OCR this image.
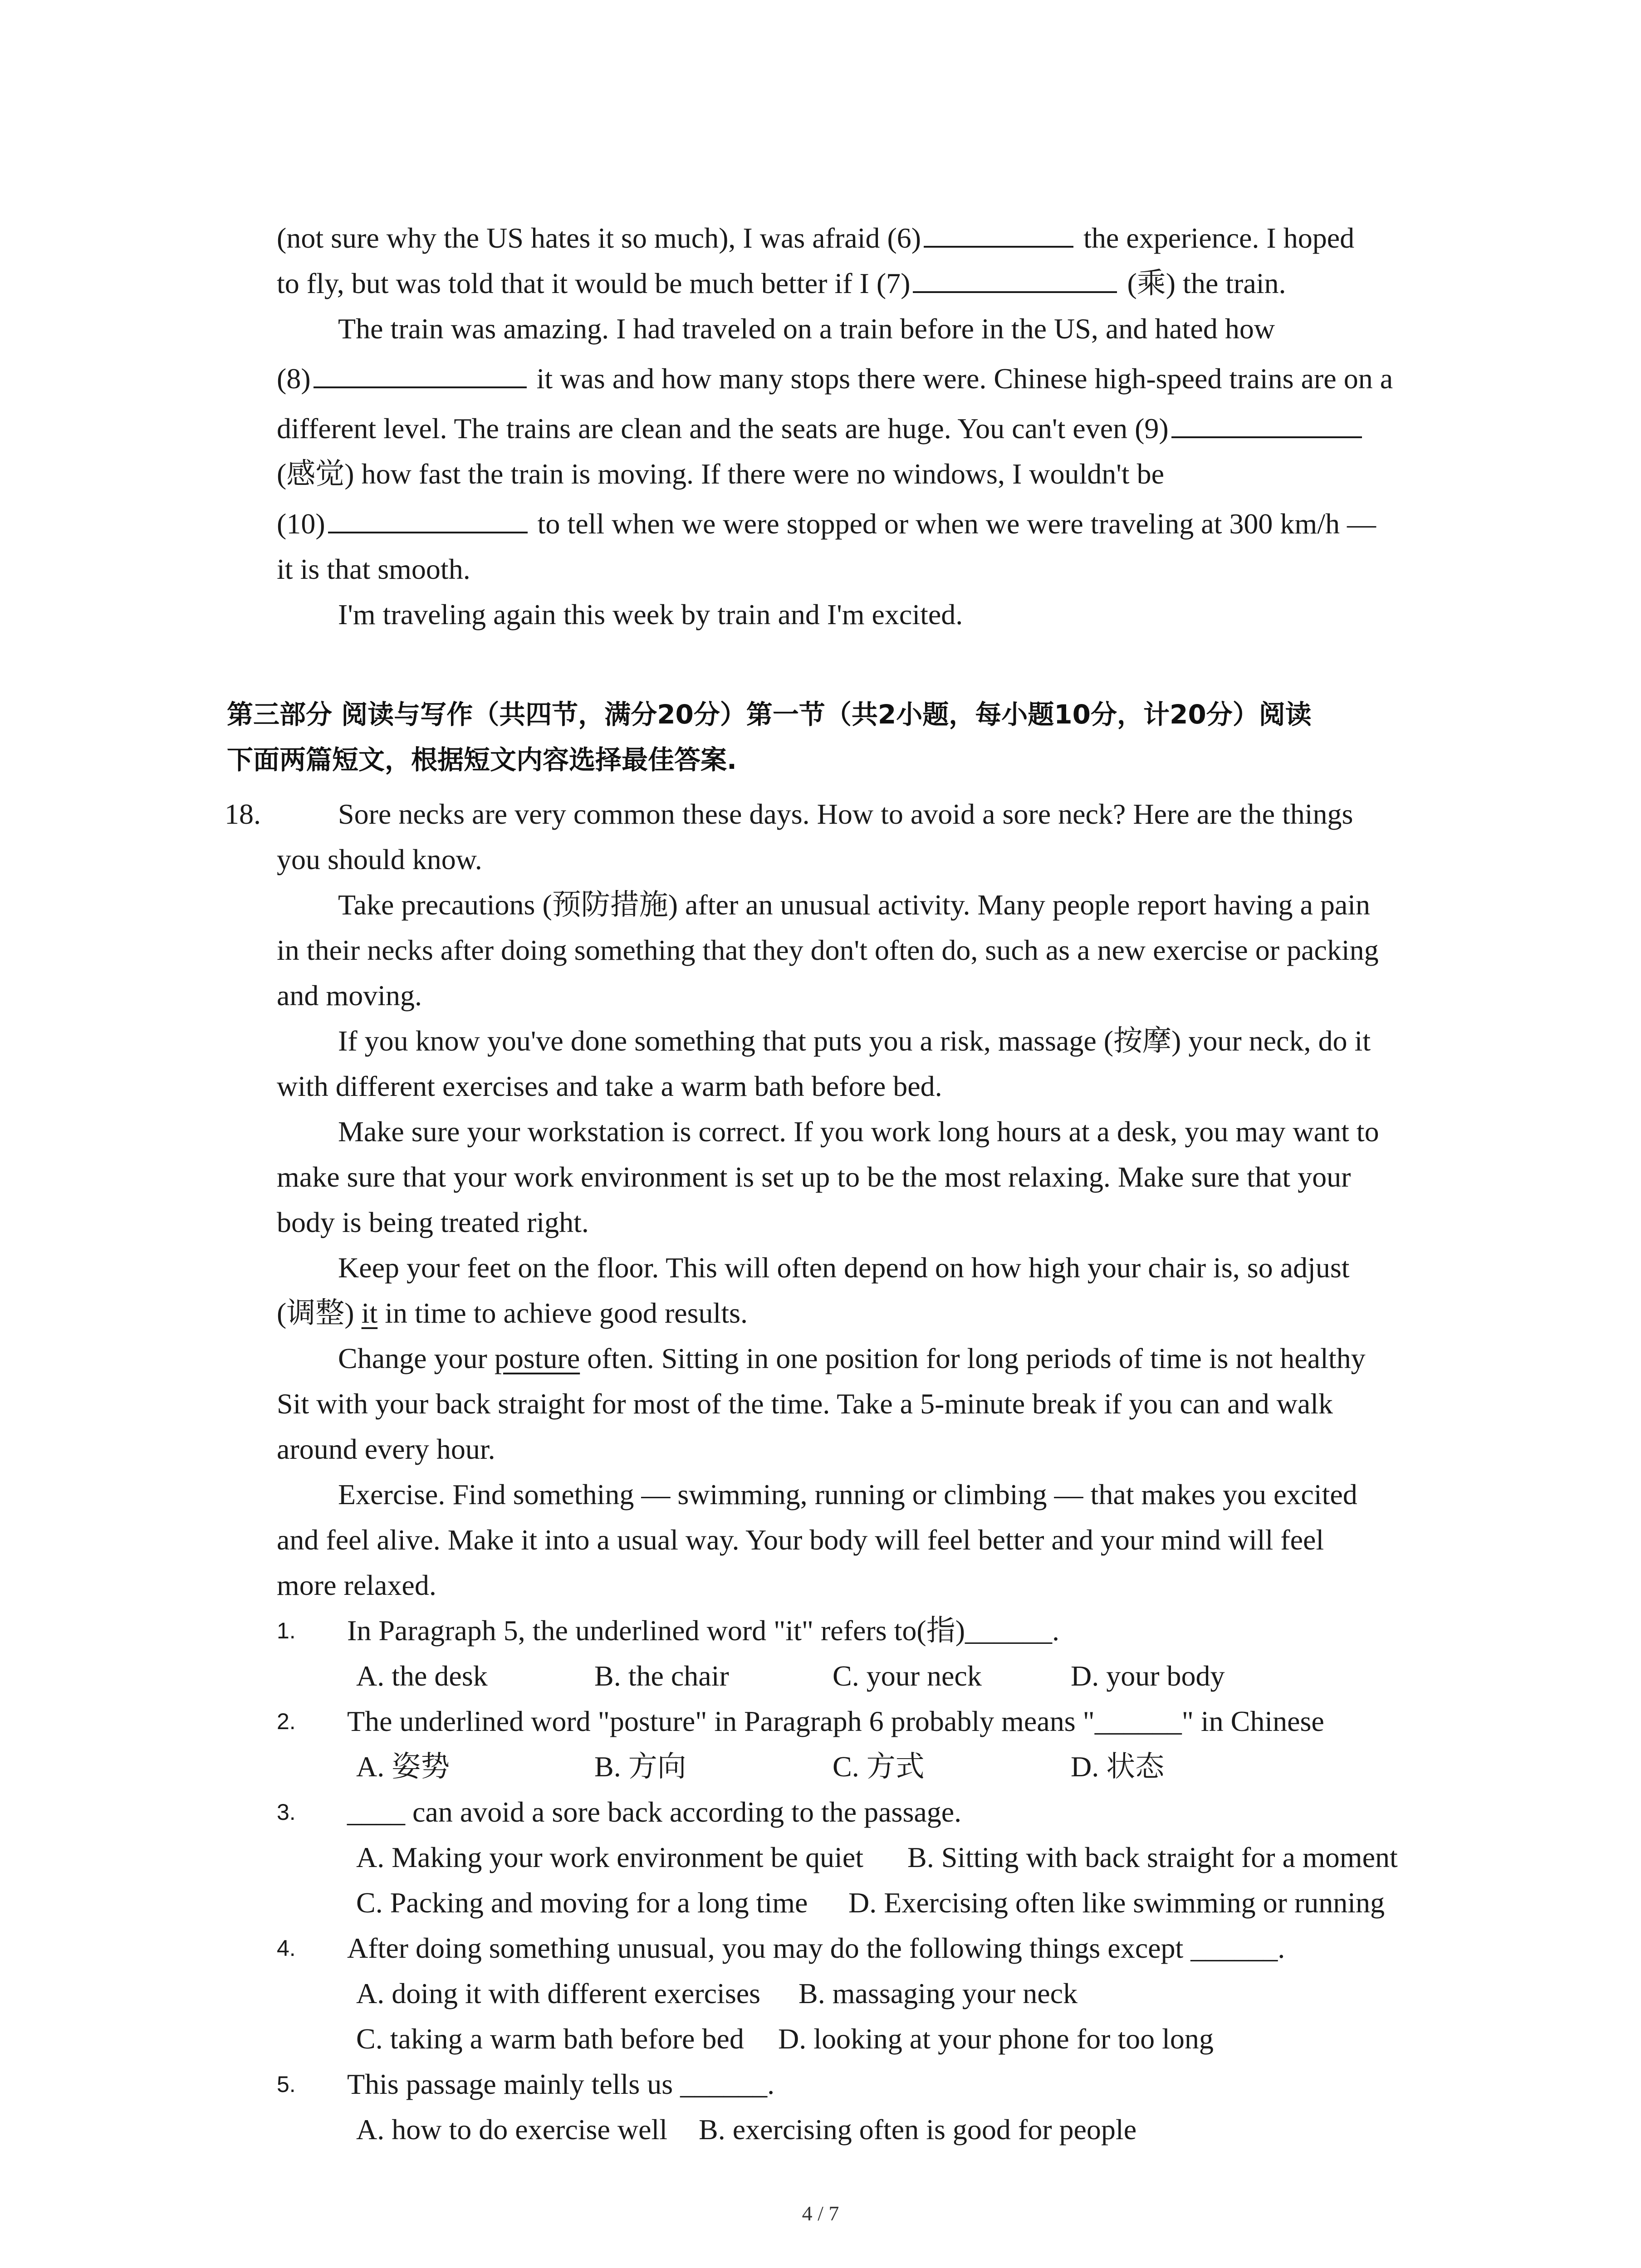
(not sure why the US hates it so much), I was afraid (6)	the experience. I hoped
to fly, but was told that it would be much better if I (7)	(乘) the train.
The train was amazing. I had traveled on a train before in the US, and hated how
(8)	it was and how many stops there were. Chinese high-speed trains are on a
different level. The trains are clean and the seats are huge. You can't even (9)
(感觉) how fast the train is moving. If there were no windows, I wouldn't be
(10)	to tell when we were stopped or when we were traveling at 300 km/h —
it is that smooth.
I'm traveling again this week by train and I'm excited.
第三部分 阅读与写作（共四节，满分20分）第一节（共2小题，每小题10分，计20分）阅读
下面两篇短文，根据短文内容选择最佳答案.
18.	Sore necks are very common these days. How to avoid a sore neck? Here are the things
you should know.
Take precautions (预防措施) after an unusual activity. Many people report having a pain
in their necks after doing something that they don't often do, such as a new exercise or packing
and moving.
If you know you've done something that puts you a risk, massage (按摩) your neck, do it
with different exercises and take a warm bath before bed.
Make sure your workstation is correct. If you work long hours at a desk, you may want to
make sure that your work environment is set up to be the most relaxing. Make sure that your
body is being treated right.
Keep your feet on the floor. This will often depend on how high your chair is, so adjust
(调整) it in time to achieve good results.
Change your posture often. Sitting in one position for long periods of time is not healthy
Sit with your back straight for most of the time. Take a 5-minute break if you can and walk
around every hour.
Exercise. Find something — swimming, running or climbing — that makes you excited
and feel alive. Make it into a usual way. Your body will feel better and your mind will feel
more relaxed.
1. In Paragraph 5, the underlined word "it" refers to(指)______.
A. the desk	B. the chair	C. your neck	D. your body
2. The underlined word "posture" in Paragraph 6 probably means "______" in Chinese
A. 姿势	B. 方向	C. 方式	D. 状态
3. ____ can avoid a sore back according to the passage.
A. Making your work environment be quiet B. Sitting with back straight for a moment
C. Packing and moving for a long time D. Exercising often like swimming or running
4. After doing something unusual, you may do the following things except ______.
A. doing it with different exercises B. massaging your neck
C. taking a warm bath before bed D. looking at your phone for too long
5. This passage mainly tells us ______.
A. how to do exercise well B. exercising often is good for people
4 / 7
